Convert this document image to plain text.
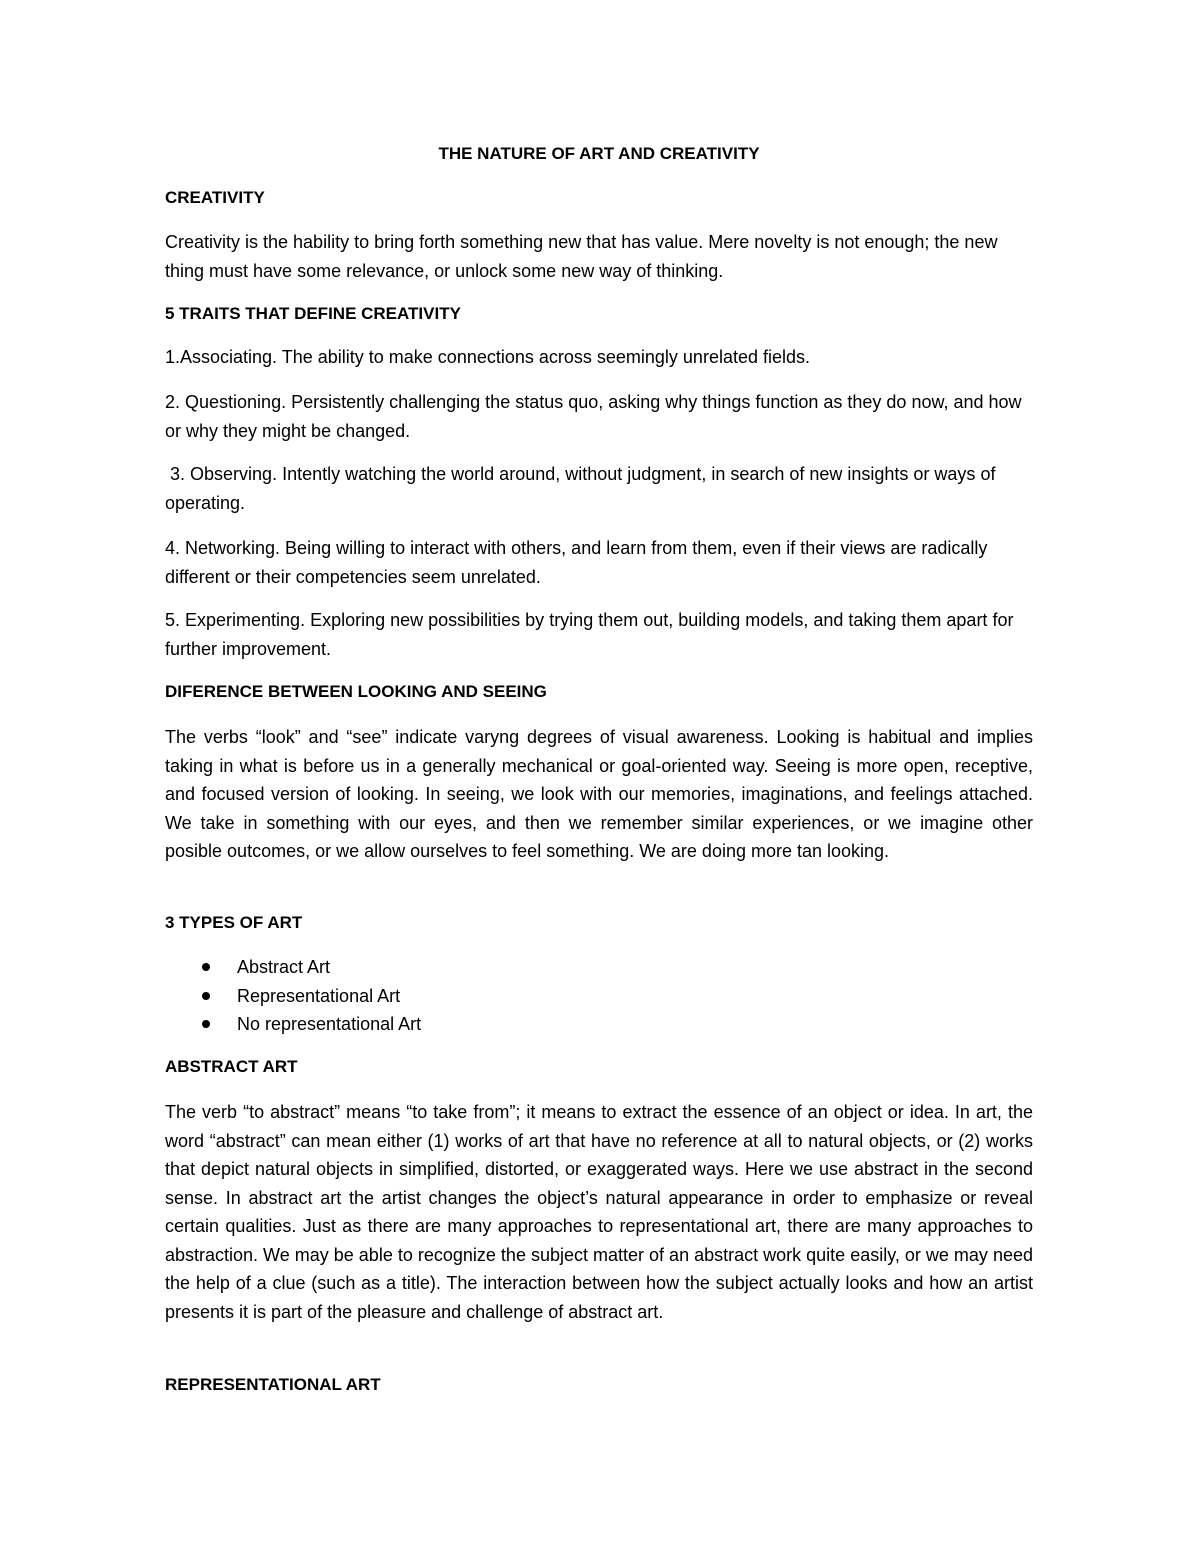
THE NATURE OF ART AND CREATIVITY
CREATIVITY
Creativity is the hability to bring forth something new that has value. Mere novelty is not enough; the new thing must have some relevance, or unlock some new way of thinking.
5 TRAITS THAT DEFINE CREATIVITY
1.Associating. The ability to make connections across seemingly unrelated fields.
2. Questioning. Persistently challenging the status quo, asking why things function as they do now, and how or why they might be changed.
3. Observing. Intently watching the world around, without judgment, in search of new insights or ways of operating.
4. Networking. Being willing to interact with others, and learn from them, even if their views are radically different or their competencies seem unrelated.
5. Experimenting. Exploring new possibilities by trying them out, building models, and taking them apart for further improvement.
DIFERENCE BETWEEN LOOKING AND SEEING
The verbs “look” and “see” indicate varyng degrees of visual awareness. Looking is habitual and implies taking in what is before us in a generally mechanical or goal-oriented way. Seeing is more open, receptive, and focused version of looking. In seeing, we look with our memories, imaginations, and feelings attached. We take in something with our eyes, and then we remember similar experiences, or we imagine other posible outcomes, or we allow ourselves to feel something. We are doing more tan looking.
3 TYPES OF ART
Abstract Art
Representational Art
No representational Art
ABSTRACT ART
The verb “to abstract” means “to take from”; it means to extract the essence of an object or idea. In art, the word “abstract” can mean either (1) works of art that have no reference at all to natural objects, or (2) works that depict natural objects in simplified, distorted, or exaggerated ways. Here we use abstract in the second sense. In abstract art the artist changes the object’s natural appearance in order to emphasize or reveal certain qualities. Just as there are many approaches to representational art, there are many approaches to abstraction. We may be able to recognize the subject matter of an abstract work quite easily, or we may need the help of a clue (such as a title). The interaction between how the subject actually looks and how an artist presents it is part of the pleasure and challenge of abstract art.
REPRESENTATIONAL ART
